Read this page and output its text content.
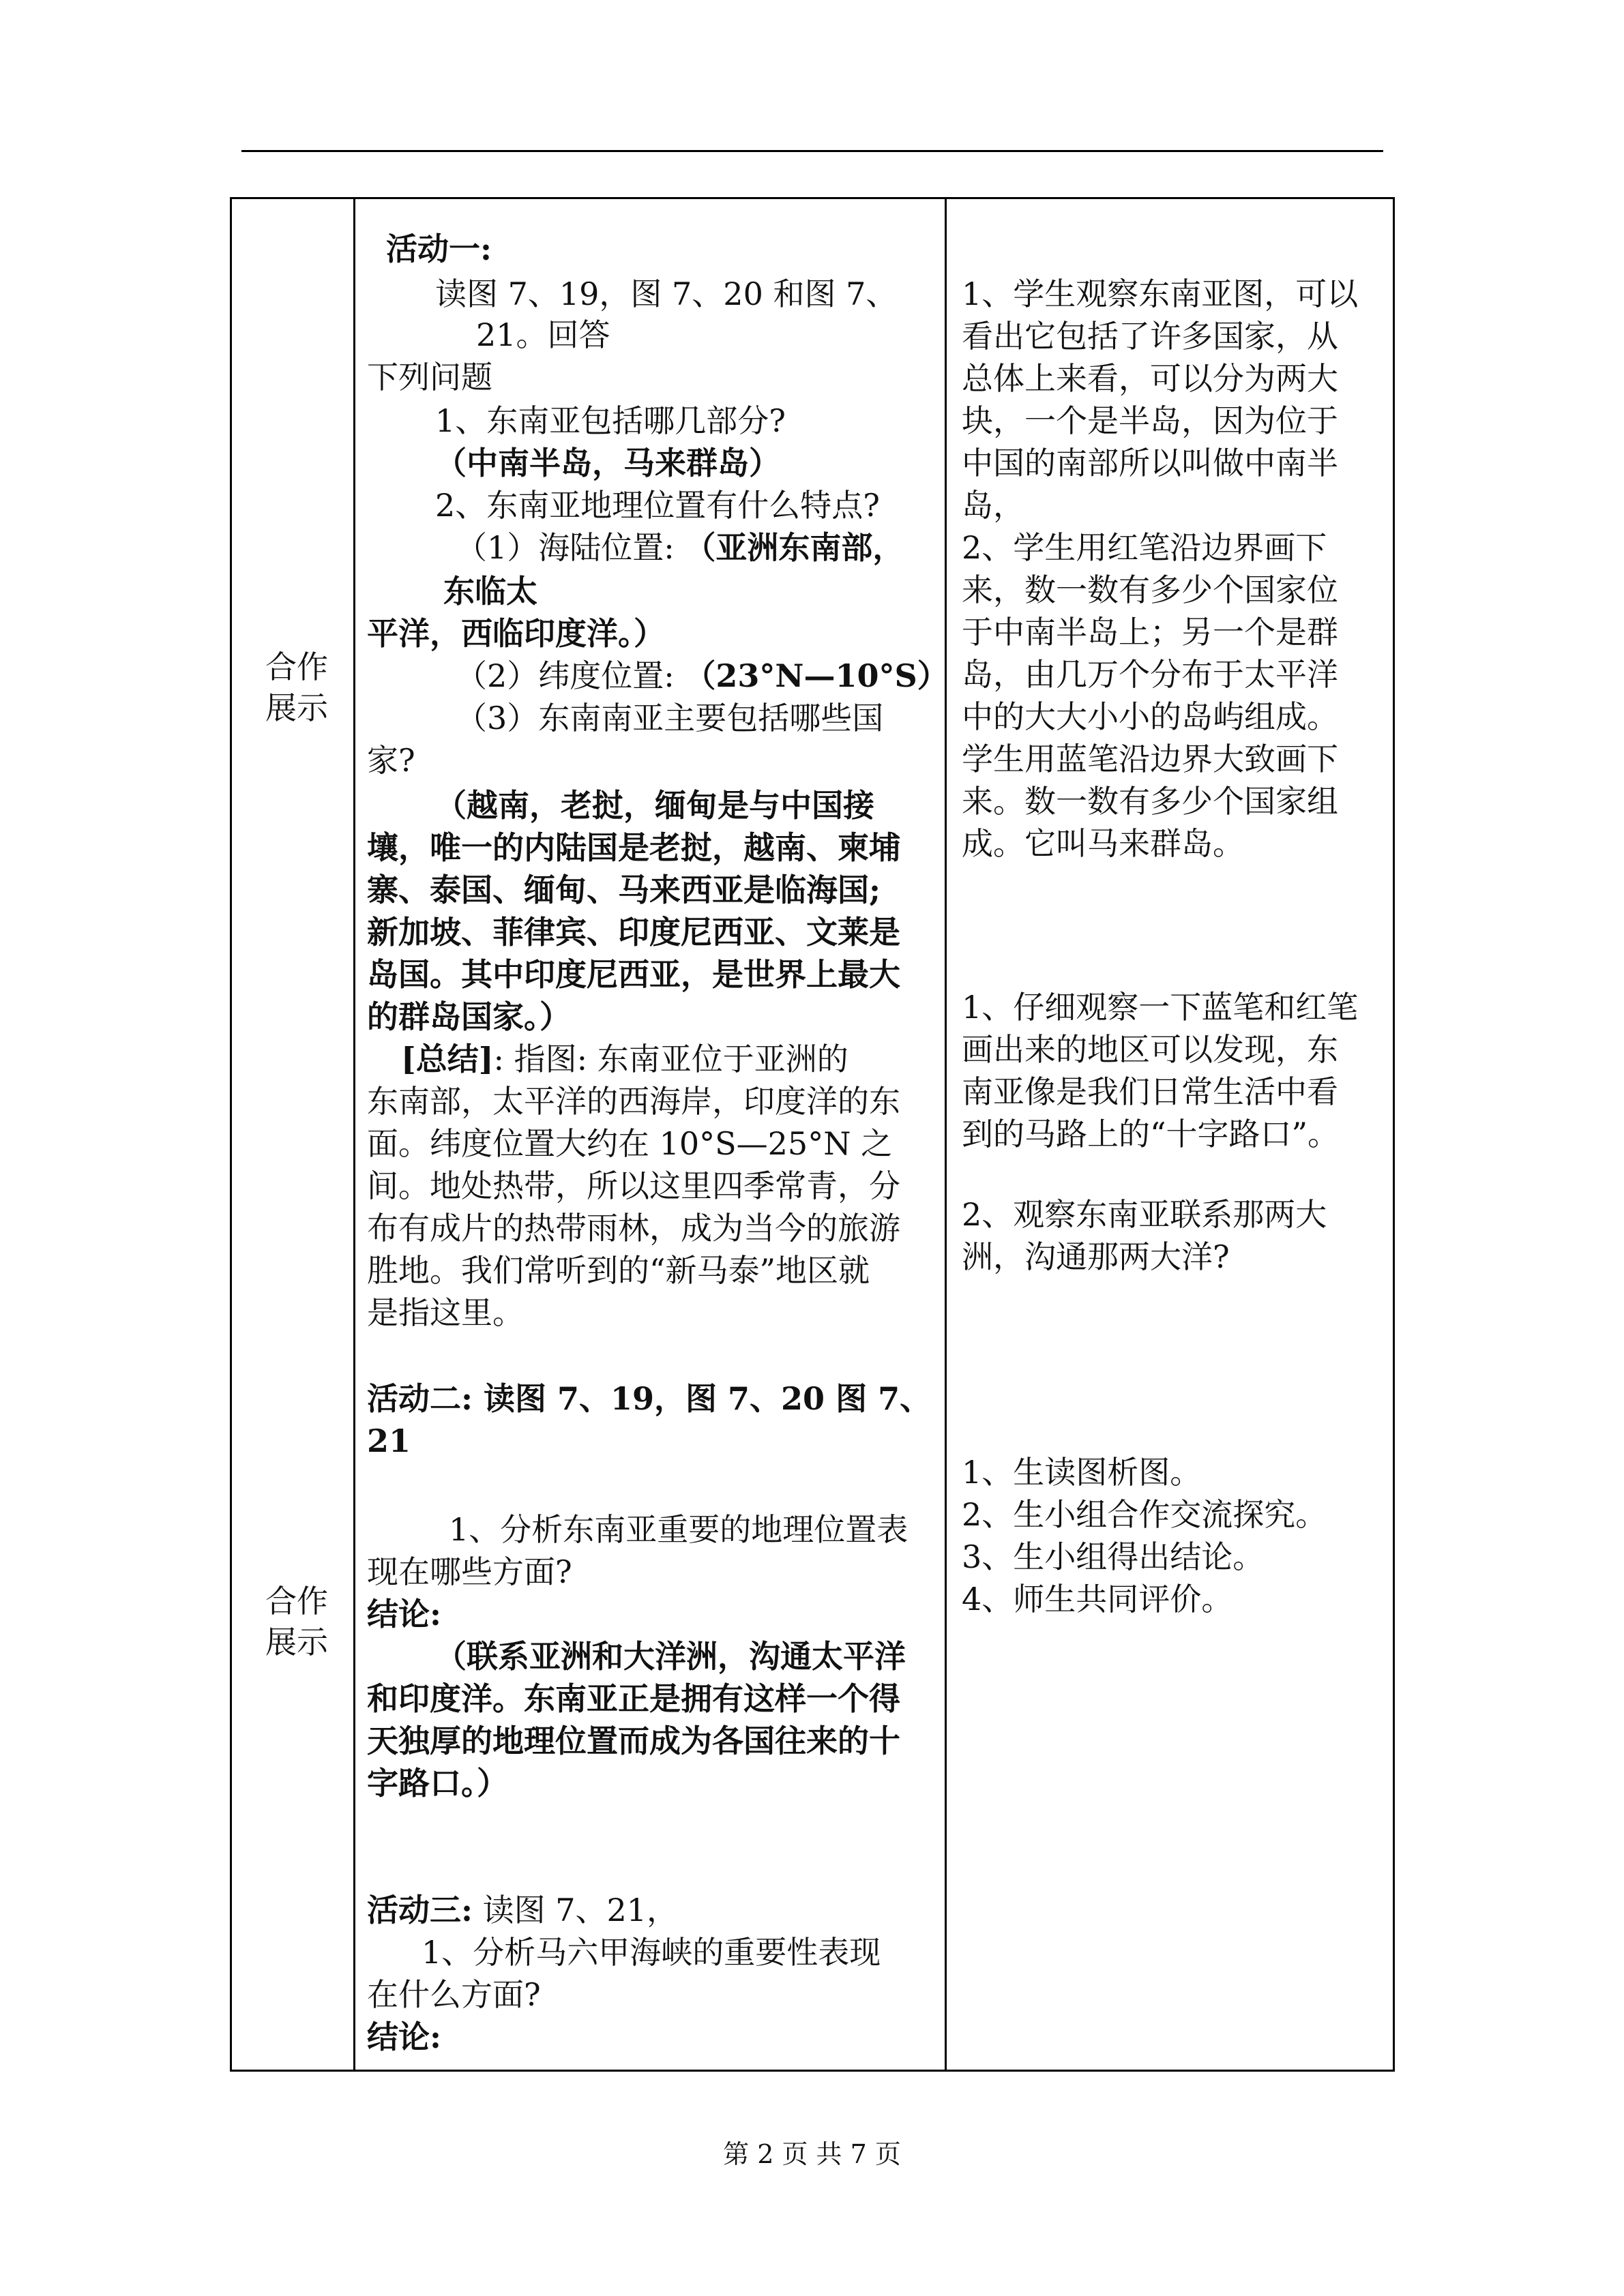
合作
展示
合作
展示
活动一:
读图 7、19，图 7、20 和图 7、
21。回答
下列问题
1、东南亚包括哪几部分?
（中南半岛，马来群岛）
2、东南亚地理位置有什么特点?
（1）海陆位置: （亚洲东南部，
东临太
平洋，西临印度洋。）
（2）纬度位置: （23°N—10°S）
（3）东南南亚主要包括哪些国
家?
（越南，老挝，缅甸是与中国接
壤，唯一的内陆国是老挝，越南、柬埔
寨、泰国、缅甸、马来西亚是临海国;
新加坡、菲律宾、印度尼西亚、文莱是
岛国。其中印度尼西亚，是世界上最大
的群岛国家。）
[总结]: 指图: 东南亚位于亚洲的
东南部，太平洋的西海岸，印度洋的东
面。纬度位置大约在 10°S—25°N 之
间。地处热带，所以这里四季常青，分
布有成片的热带雨林，成为当今的旅游
胜地。我们常听到的“新马泰”地区就
是指这里。
活动二: 读图 7、19，图 7、20 图 7、
21
1、分析东南亚重要的地理位置表
现在哪些方面?
结论:
（联系亚洲和大洋洲，沟通太平洋
和印度洋。东南亚正是拥有这样一个得
天独厚的地理位置而成为各国往来的十
字路口。）
活动三: 读图 7、21，
1、分析马六甲海峡的重要性表现
在什么方面?
结论:
1、学生观察东南亚图，可以
看出它包括了许多国家，从
总体上来看，可以分为两大
块，一个是半岛，因为位于
中国的南部所以叫做中南半
岛，
2、学生用红笔沿边界画下
来，数一数有多少个国家位
于中南半岛上；另一个是群
岛，由几万个分布于太平洋
中的大大小小的岛屿组成。
学生用蓝笔沿边界大致画下
来。数一数有多少个国家组
成。它叫马来群岛。
1、仔细观察一下蓝笔和红笔
画出来的地区可以发现，东
南亚像是我们日常生活中看
到的马路上的“十字路口”。
2、观察东南亚联系那两大
洲，沟通那两大洋?
1、生读图析图。
2、生小组合作交流探究。
3、生小组得出结论。
4、师生共同评价。
第 2 页 共 7 页
